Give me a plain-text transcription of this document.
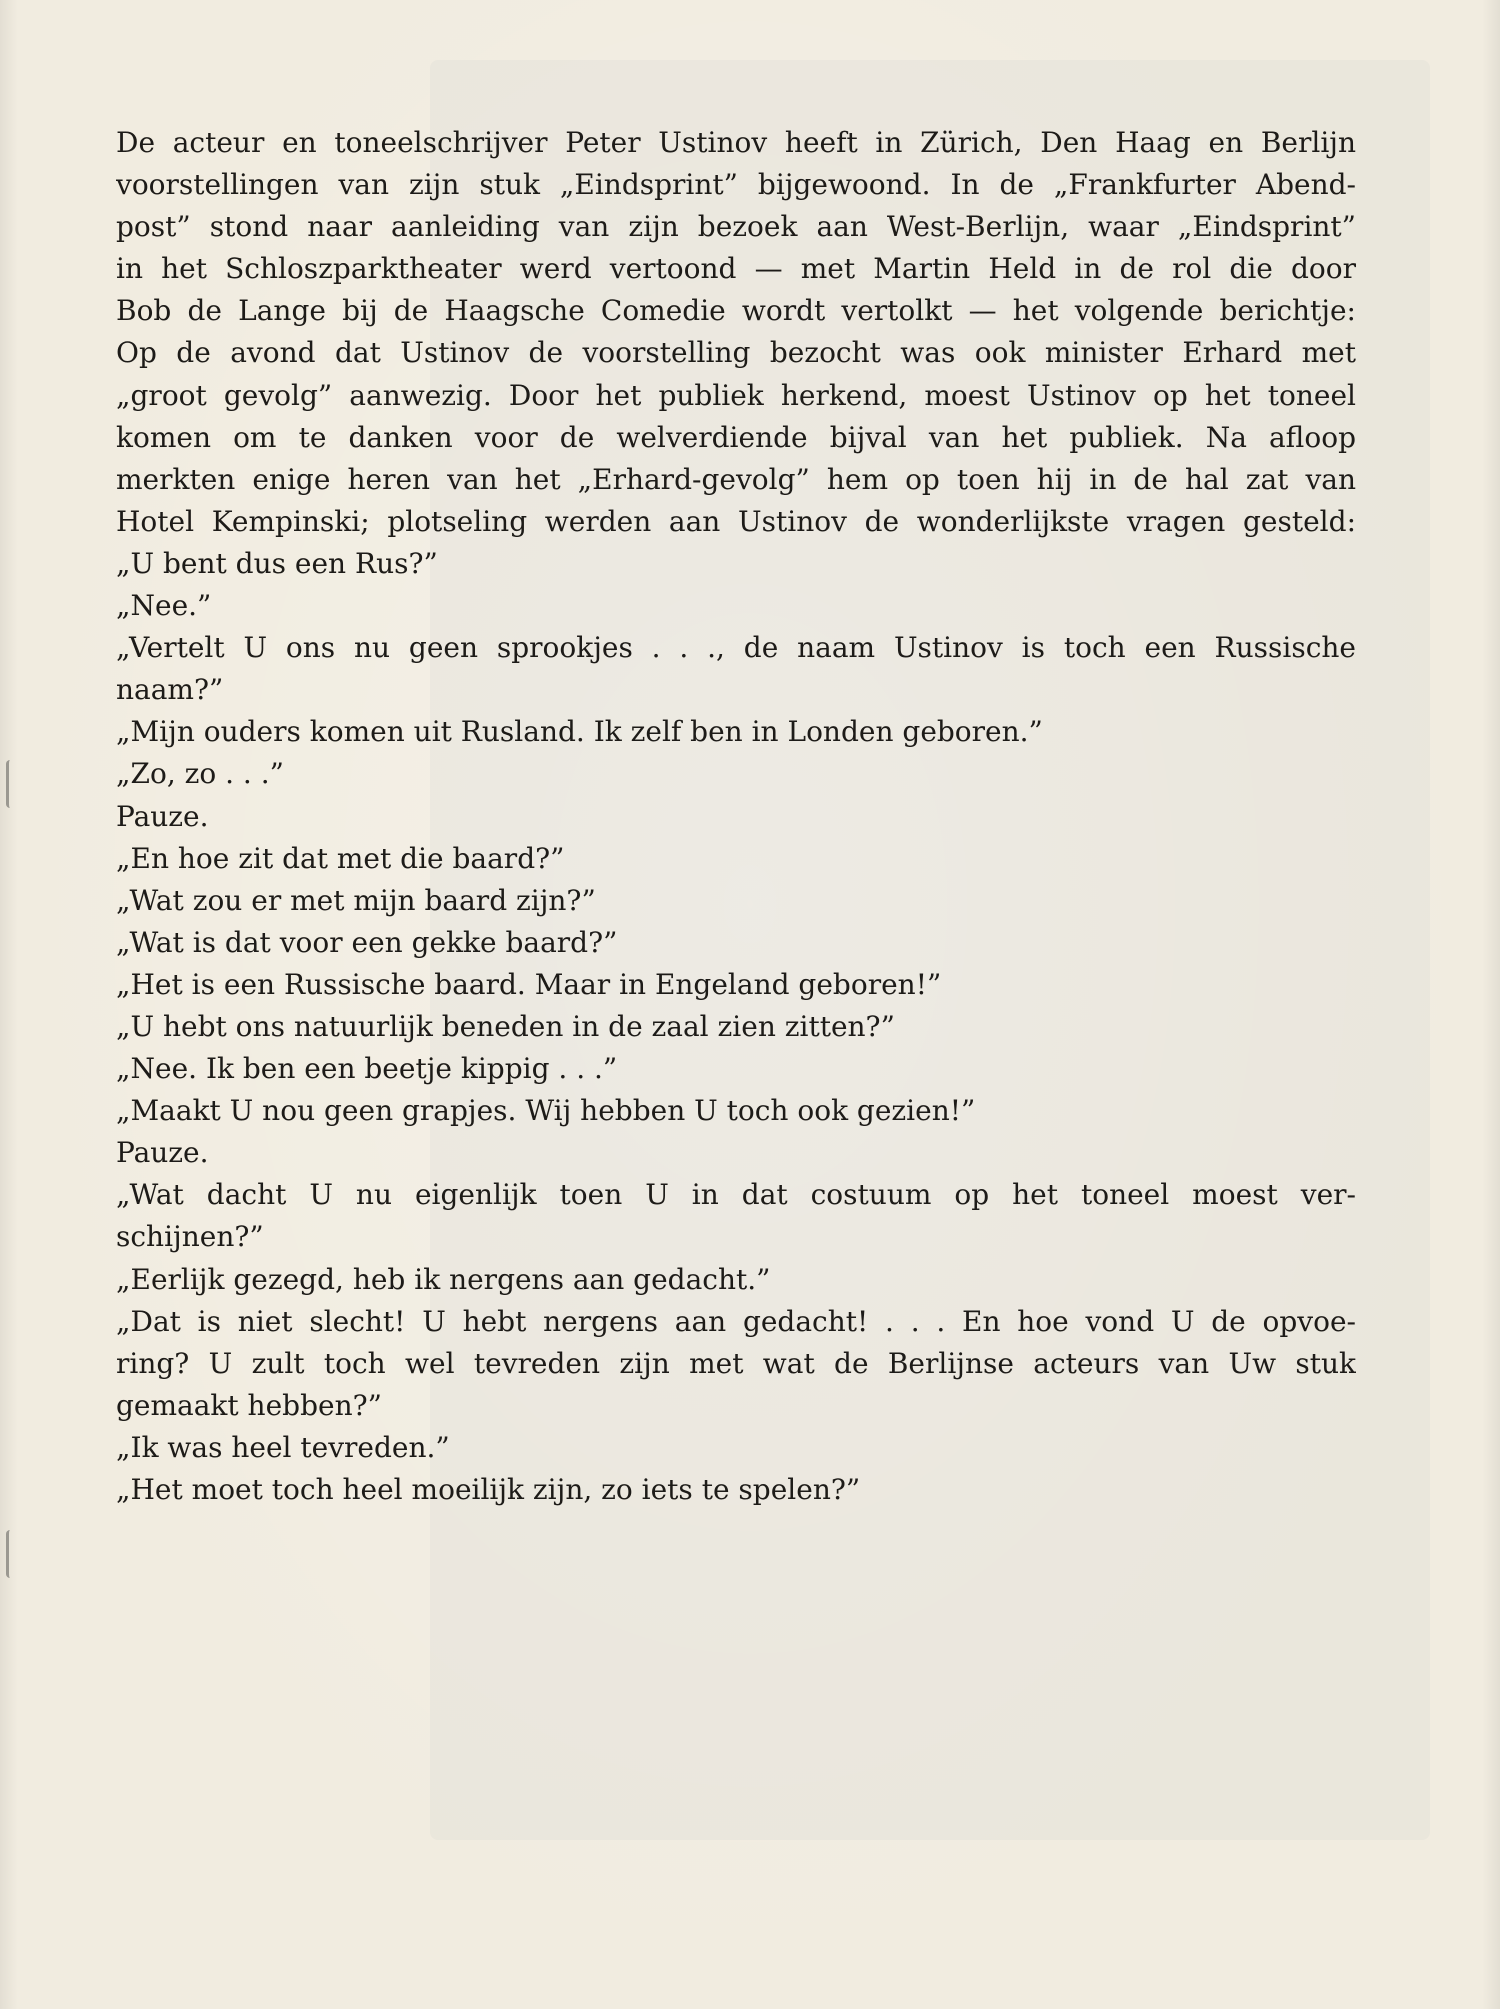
De acteur en toneelschrijver Peter Ustinov heeft in Zürich, Den Haag en Berlijn
voorstellingen van zijn stuk „Eindsprint” bijgewoond. In de „Frankfurter Abend-
post” stond naar aanleiding van zijn bezoek aan West-Berlijn, waar „Eindsprint”
in het Schloszparktheater werd vertoond — met Martin Held in de rol die door
Bob de Lange bij de Haagsche Comedie wordt vertolkt — het volgende berichtje:
Op de avond dat Ustinov de voorstelling bezocht was ook minister Erhard met
„groot gevolg” aanwezig. Door het publiek herkend, moest Ustinov op het toneel
komen om te danken voor de welverdiende bijval van het publiek. Na afloop
merkten enige heren van het „Erhard-gevolg” hem op toen hij in de hal zat van
Hotel Kempinski; plotseling werden aan Ustinov de wonderlijkste vragen gesteld:
„U bent dus een Rus?”
„Nee.”
„Vertelt U ons nu geen sprookjes . . ., de naam Ustinov is toch een Russische
naam?”
„Mijn ouders komen uit Rusland. Ik zelf ben in Londen geboren.”
„Zo, zo . . .”
Pauze.
„En hoe zit dat met die baard?”
„Wat zou er met mijn baard zijn?”
„Wat is dat voor een gekke baard?”
„Het is een Russische baard. Maar in Engeland geboren!”
„U hebt ons natuurlijk beneden in de zaal zien zitten?”
„Nee. Ik ben een beetje kippig . . .”
„Maakt U nou geen grapjes. Wij hebben U toch ook gezien!”
Pauze.
„Wat dacht U nu eigenlijk toen U in dat costuum op het toneel moest ver-
schijnen?”
„Eerlijk gezegd, heb ik nergens aan gedacht.”
„Dat is niet slecht! U hebt nergens aan gedacht! . . . En hoe vond U de opvoe-
ring? U zult toch wel tevreden zijn met wat de Berlijnse acteurs van Uw stuk
gemaakt hebben?”
„Ik was heel tevreden.”
„Het moet toch heel moeilijk zijn, zo iets te spelen?”
